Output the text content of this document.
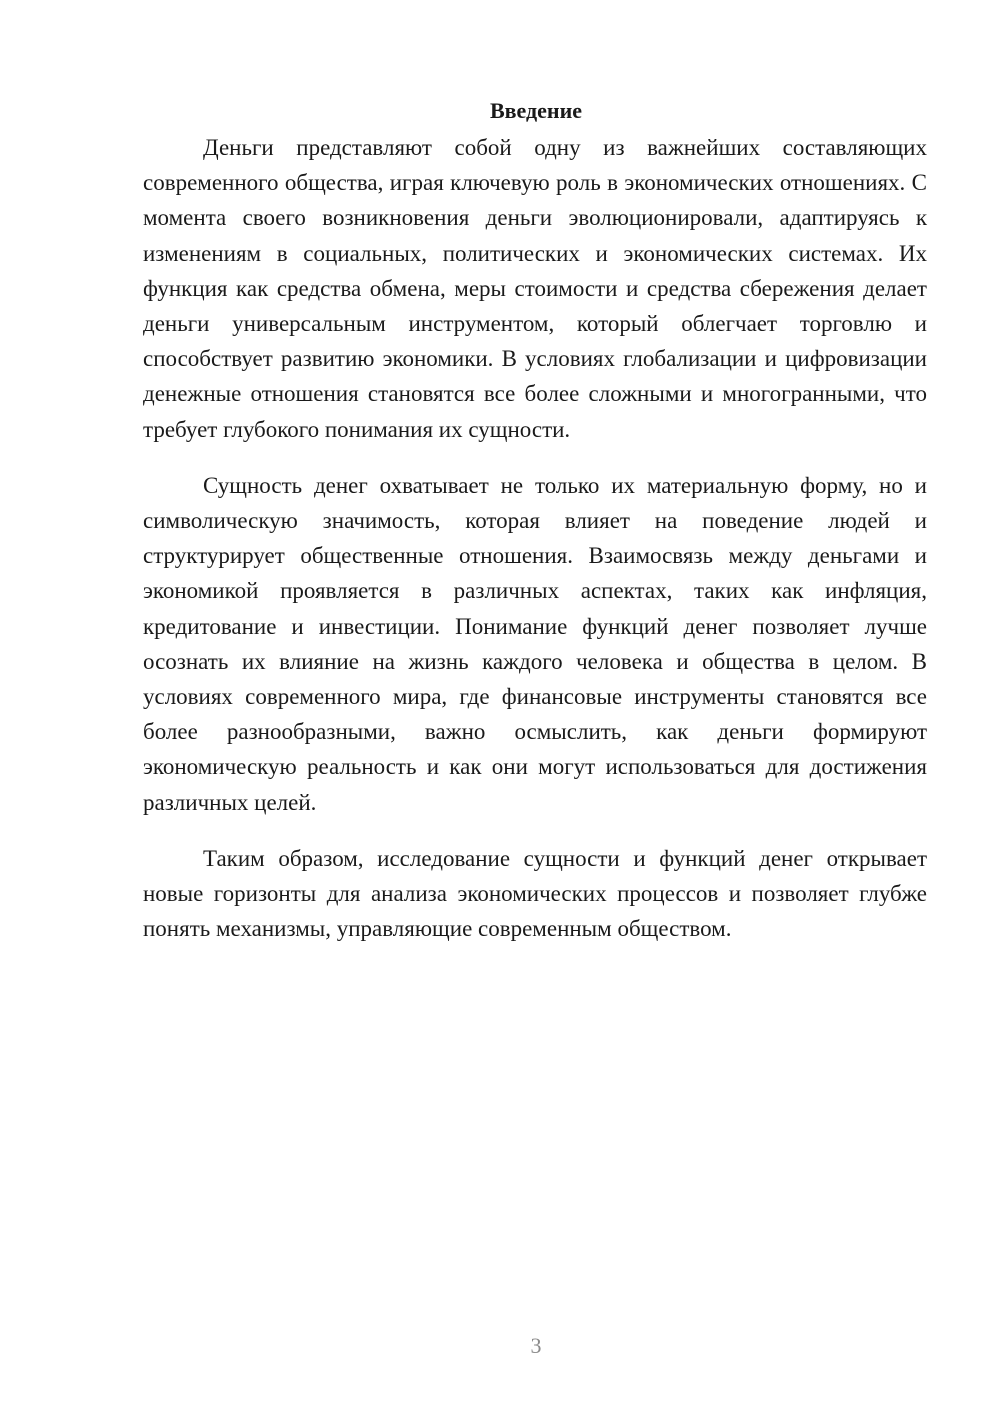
Введение

Деньги представляют собой одну из важнейших составляющих современного общества, играя ключевую роль в экономических отношениях. С момента своего возникновения деньги эволюционировали, адаптируясь к изменениям в социальных, политических и экономических системах. Их функция как средства обмена, меры стоимости и средства сбережения делает деньги универсальным инструментом, который облегчает торговлю и способствует развитию экономики. В условиях глобализации и цифровизации денежные отношения становятся все более сложными и многогранными, что требует глубокого понимания их сущности.

Сущность денег охватывает не только их материальную форму, но и символическую значимость, которая влияет на поведение людей и структурирует общественные отношения. Взаимосвязь между деньгами и экономикой проявляется в различных аспектах, таких как инфляция, кредитование и инвестиции. Понимание функций денег позволяет лучше осознать их влияние на жизнь каждого человека и общества в целом. В условиях современного мира, где финансовые инструменты становятся все более разнообразными, важно осмыслить, как деньги формируют экономическую реальность и как они могут использоваться для достижения различных целей.

Таким образом, исследование сущности и функций денег открывает новые горизонты для анализа экономических процессов и позволяет глубже понять механизмы, управляющие современным обществом.

3
